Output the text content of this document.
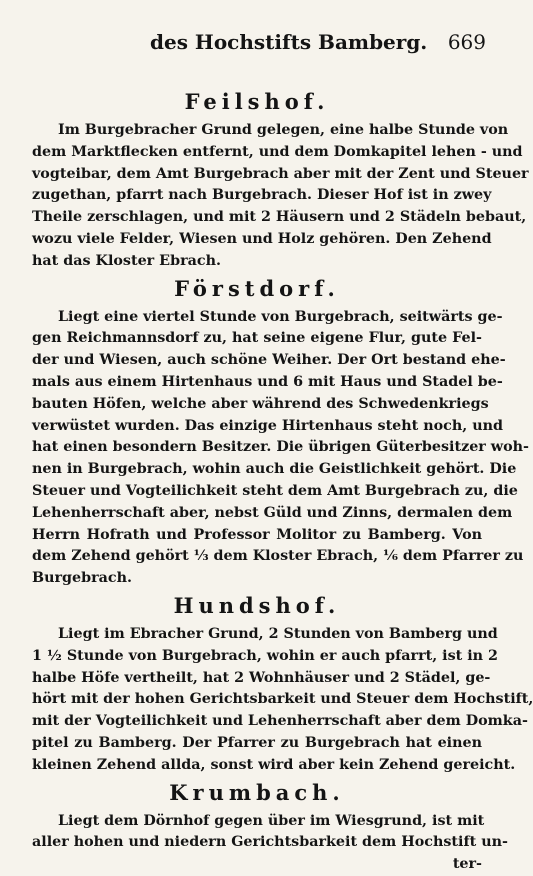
des Hochstifts Bamberg. 669
Feilshof.
Im Burgebracher Grund gelegen, eine halbe Stunde von
dem Marktflecken entfernt, und dem Domkapitel lehen - und
vogteibar, dem Amt Burgebrach aber mit der Zent und Steuer
zugethan, pfarrt nach Burgebrach. Dieser Hof ist in zwey
Theile zerschlagen, und mit 2 Häusern und 2 Städeln bebaut,
wozu viele Felder, Wiesen und Holz gehören. Den Zehend
hat das Kloster Ebrach.
Förstdorf.
Liegt eine viertel Stunde von Burgebrach, seitwärts ge-
gen Reichmannsdorf zu, hat seine eigene Flur, gute Fel-
der und Wiesen, auch schöne Weiher. Der Ort bestand ehe-
mals aus einem Hirtenhaus und 6 mit Haus und Stadel be-
bauten Höfen, welche aber während des Schwedenkriegs
verwüstet wurden. Das einzige Hirtenhaus steht noch, und
hat einen besondern Besitzer. Die übrigen Güterbesitzer woh-
nen in Burgebrach, wohin auch die Geistlichkeit gehört. Die
Steuer und Vogteilichkeit steht dem Amt Burgebrach zu, die
Lehenherrschaft aber, nebst Güld und Zinns, dermalen dem
Herrn Hofrath und Professor Molitor zu Bamberg. Von
dem Zehend gehört ⅓ dem Kloster Ebrach, ⅙ dem Pfarrer zu
Burgebrach.
Hundshof.
Liegt im Ebracher Grund, 2 Stunden von Bamberg und
1 ½ Stunde von Burgebrach, wohin er auch pfarrt, ist in 2
halbe Höfe vertheilt, hat 2 Wohnhäuser und 2 Städel, ge-
hört mit der hohen Gerichtsbarkeit und Steuer dem Hochstift,
mit der Vogteilichkeit und Lehenherrschaft aber dem Domka-
pitel zu Bamberg. Der Pfarrer zu Burgebrach hat einen
kleinen Zehend allda, sonst wird aber kein Zehend gereicht.
Krumbach.
Liegt dem Dörnhof gegen über im Wiesgrund, ist mit
aller hohen und niedern Gerichtsbarkeit dem Hochstift un-
ter-
